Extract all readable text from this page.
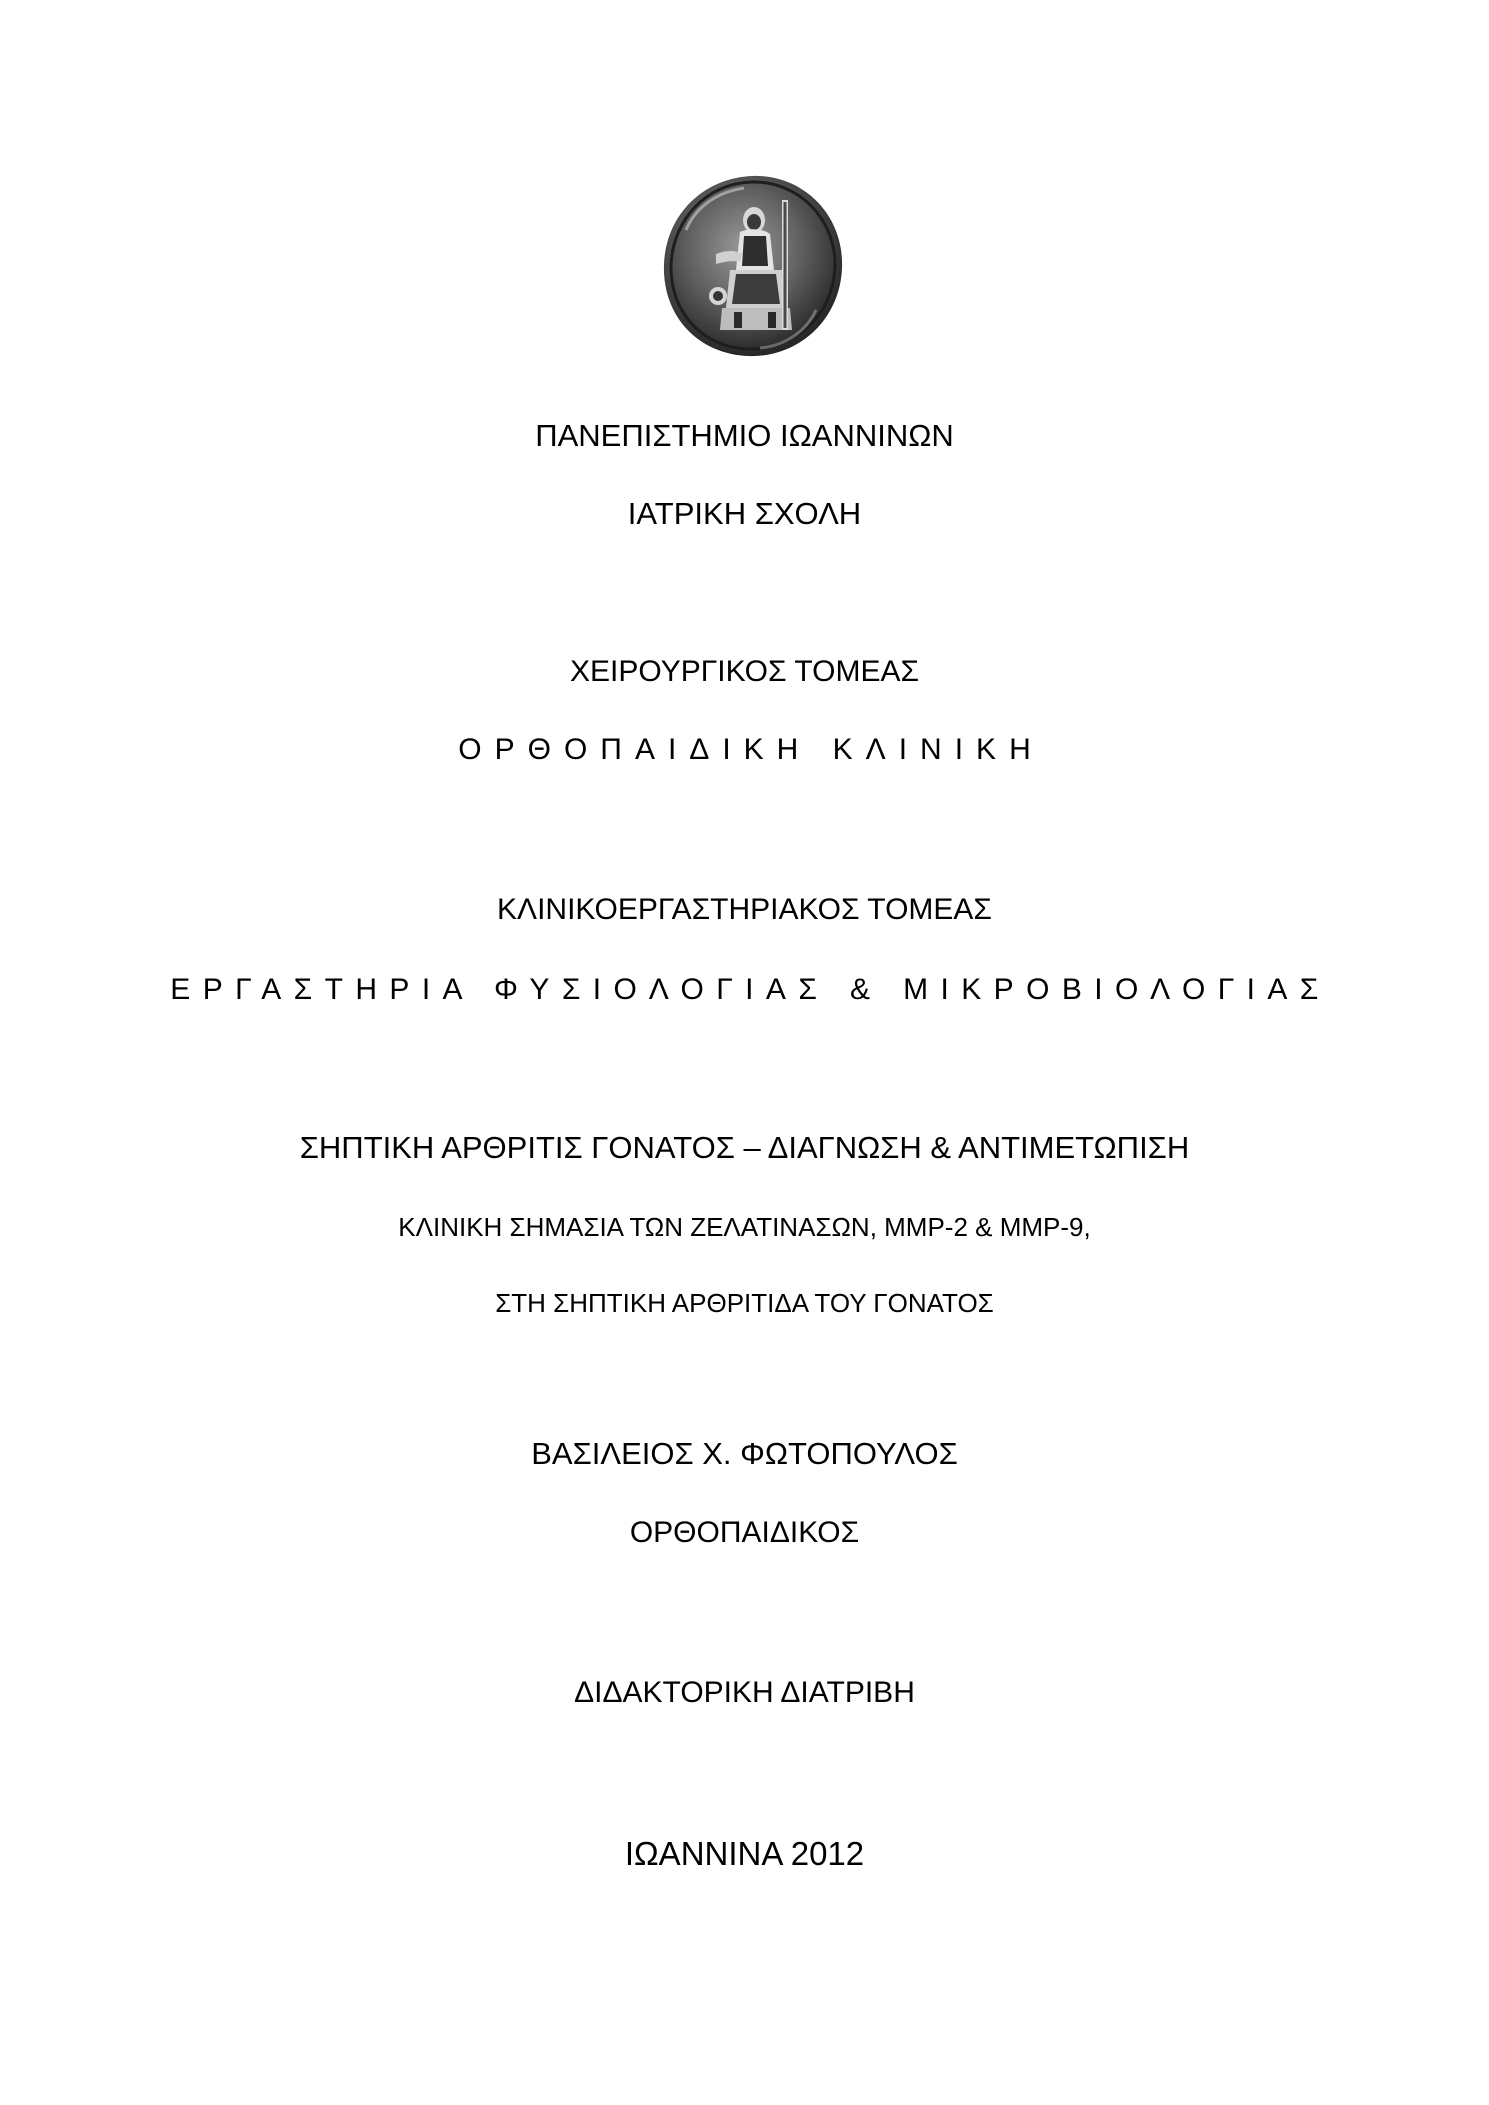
ΠΑΝΕΠΙΣΤΗΜΙΟ ΙΩΑΝΝΙΝΩΝ
ΙΑΤΡΙΚΗ ΣΧΟΛΗ
ΧΕΙΡΟΥΡΓΙΚΟΣ ΤΟΜΕΑΣ
ΟΡΘΟΠΑΙΔΙΚΗ ΚΛΙΝΙΚΗ
ΚΛΙΝΙΚΟΕΡΓΑΣΤΗΡΙΑΚΟΣ ΤΟΜΕΑΣ
ΕΡΓΑΣΤΗΡΙΑ ΦΥΣΙΟΛΟΓΙΑΣ & ΜΙΚΡΟΒΙΟΛΟΓΙΑΣ
ΣΗΠΤΙΚΗ ΑΡΘΡΙΤΙΣ ΓΟΝΑΤΟΣ – ΔΙΑΓΝΩΣΗ & ΑΝΤΙΜΕΤΩΠΙΣΗ
ΚΛΙΝΙΚΗ ΣΗΜΑΣΙΑ ΤΩΝ ΖΕΛΑΤΙΝΑΣΩΝ, MMP-2 & MMP-9,
ΣΤΗ ΣΗΠΤΙΚΗ ΑΡΘΡΙΤΙΔΑ ΤΟΥ ΓΟΝΑΤΟΣ
ΒΑΣΙΛΕΙΟΣ Χ. ΦΩΤΟΠΟΥΛΟΣ
ΟΡΘΟΠΑΙΔΙΚΟΣ
ΔΙΔΑΚΤΟΡΙΚΗ ΔΙΑΤΡΙΒΗ
ΙΩΑΝΝΙΝΑ 2012
